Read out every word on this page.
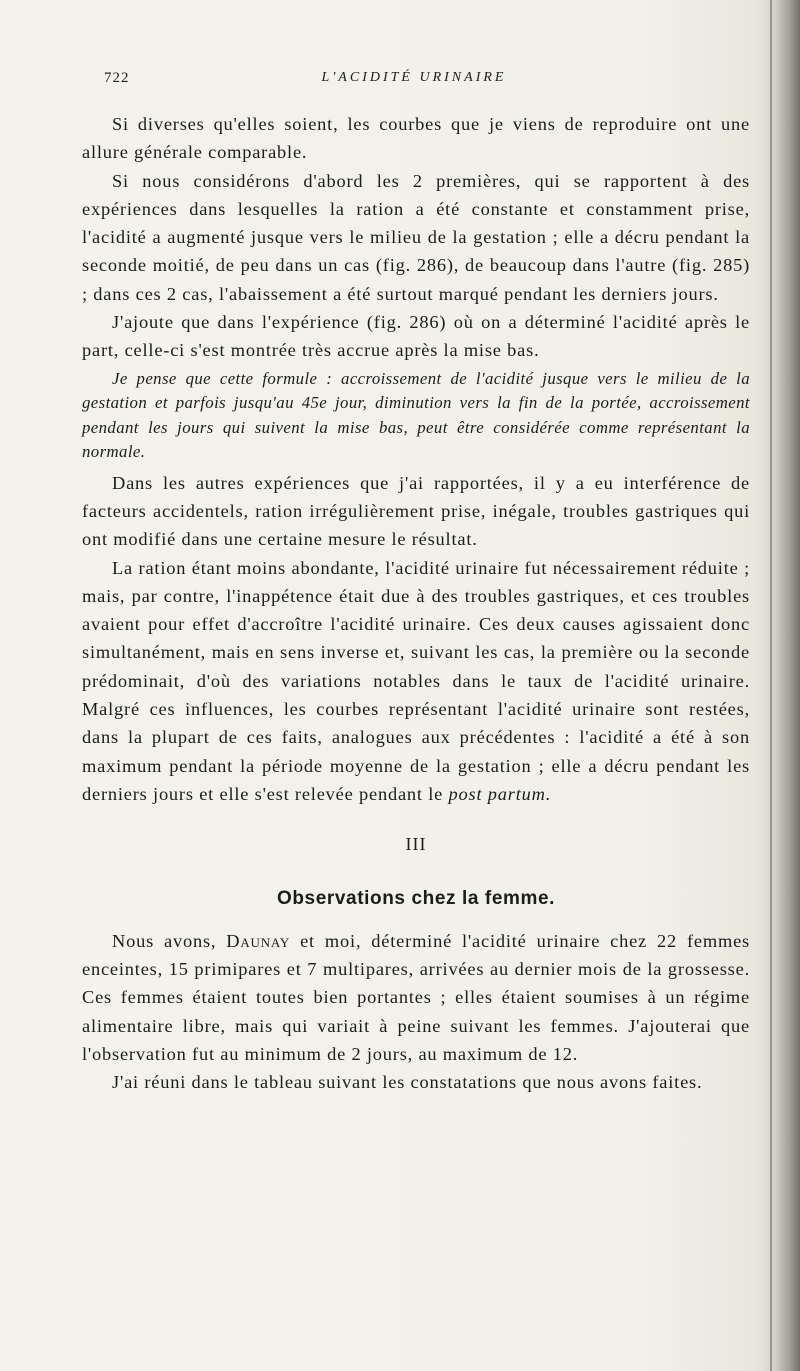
722	L'ACIDITÉ URINAIRE

Si diverses qu'elles soient, les courbes que je viens de reproduire ont une allure générale comparable.

Si nous considérons d'abord les 2 premières, qui se rapportent à des expériences dans lesquelles la ration a été constante et constamment prise, l'acidité a augmenté jusque vers le milieu de la gestation ; elle a décru pendant la seconde moitié, de peu dans un cas (fig. 286), de beaucoup dans l'autre (fig. 285) ; dans ces 2 cas, l'abaissement a été surtout marqué pendant les derniers jours.

J'ajoute que dans l'expérience (fig. 286) où on a déterminé l'acidité après le part, celle-ci s'est montrée très accrue après la mise bas.

Je pense que cette formule : accroissement de l'acidité jusque vers le milieu de la gestation et parfois jusqu'au 45e jour, diminution vers la fin de la portée, accroissement pendant les jours qui suivent la mise bas, peut être considérée comme représentant la normale.

Dans les autres expériences que j'ai rapportées, il y a eu interférence de facteurs accidentels, ration irrégulièrement prise, inégale, troubles gastriques qui ont modifié dans une certaine mesure le résultat.

La ration étant moins abondante, l'acidité urinaire fut nécessairement réduite ; mais, par contre, l'inappétence était due à des troubles gastriques, et ces troubles avaient pour effet d'accroître l'acidité urinaire. Ces deux causes agissaient donc simultanément, mais en sens inverse et, suivant les cas, la première ou la seconde prédominait, d'où des variations notables dans le taux de l'acidité urinaire. Malgré ces influences, les courbes représentant l'acidité urinaire sont restées, dans la plupart de ces faits, analogues aux précédentes : l'acidité a été à son maximum pendant la période moyenne de la gestation ; elle a décru pendant les derniers jours et elle s'est relevée pendant le post partum.

III
Observations chez la femme.

Nous avons, Daunay et moi, déterminé l'acidité urinaire chez 22 femmes enceintes, 15 primipares et 7 multipares, arrivées au dernier mois de la grossesse. Ces femmes étaient toutes bien portantes ; elles étaient soumises à un régime alimentaire libre, mais qui variait à peine suivant les femmes. J'ajouterai que l'observation fut au minimum de 2 jours, au maximum de 12.

J'ai réuni dans le tableau suivant les constatations que nous avons faites.
